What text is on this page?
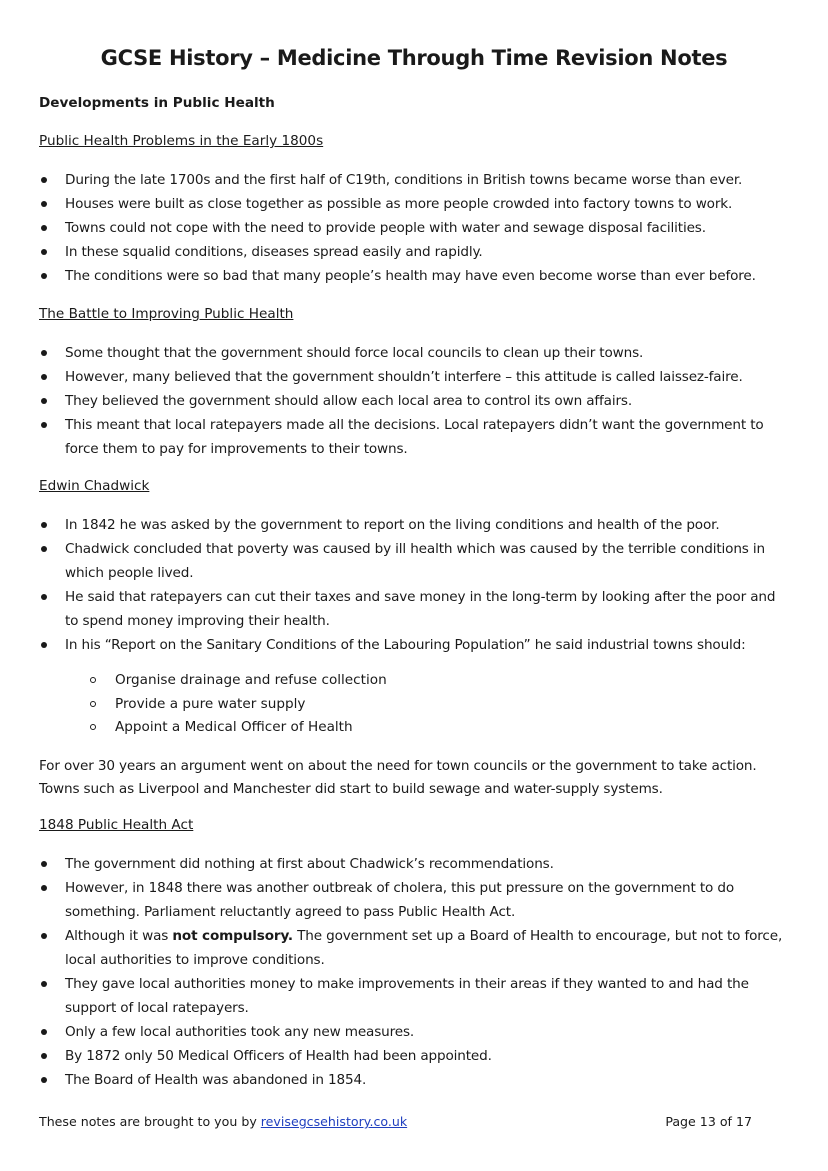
GCSE History – Medicine Through Time Revision Notes
Developments in Public Health
Public Health Problems in the Early 1800s
During the late 1700s and the first half of C19th, conditions in British towns became worse than ever.
Houses were built as close together as possible as more people crowded into factory towns to work.
Towns could not cope with the need to provide people with water and sewage disposal facilities.
In these squalid conditions, diseases spread easily and rapidly.
The conditions were so bad that many people’s health may have even become worse than ever before.
The Battle to Improving Public Health
Some thought that the government should force local councils to clean up their towns.
However, many believed that the government shouldn’t interfere – this attitude is called laissez-faire.
They believed the government should allow each local area to control its own affairs.
This meant that local ratepayers made all the decisions. Local ratepayers didn’t want the government to force them to pay for improvements to their towns.
Edwin Chadwick
In 1842 he was asked by the government to report on the living conditions and health of the poor.
Chadwick concluded that poverty was caused by ill health which was caused by the terrible conditions in which people lived.
He said that ratepayers can cut their taxes and save money in the long-term by looking after the poor and to spend money improving their health.
In his “Report on the Sanitary Conditions of the Labouring Population” he said industrial towns should:
Organise drainage and refuse collection
Provide a pure water supply
Appoint a Medical Officer of Health
For over 30 years an argument went on about the need for town councils or the government to take action. Towns such as Liverpool and Manchester did start to build sewage and water-supply systems.
1848 Public Health Act
The government did nothing at first about Chadwick’s recommendations.
However, in 1848 there was another outbreak of cholera, this put pressure on the government to do something. Parliament reluctantly agreed to pass Public Health Act.
Although it was not compulsory. The government set up a Board of Health to encourage, but not to force, local authorities to improve conditions.
They gave local authorities money to make improvements in their areas if they wanted to and had the support of local ratepayers.
Only a few local authorities took any new measures.
By 1872 only 50 Medical Officers of Health had been appointed.
The Board of Health was abandoned in 1854.
These notes are brought to you by revisegcsehistory.co.uk	Page 13 of 17
